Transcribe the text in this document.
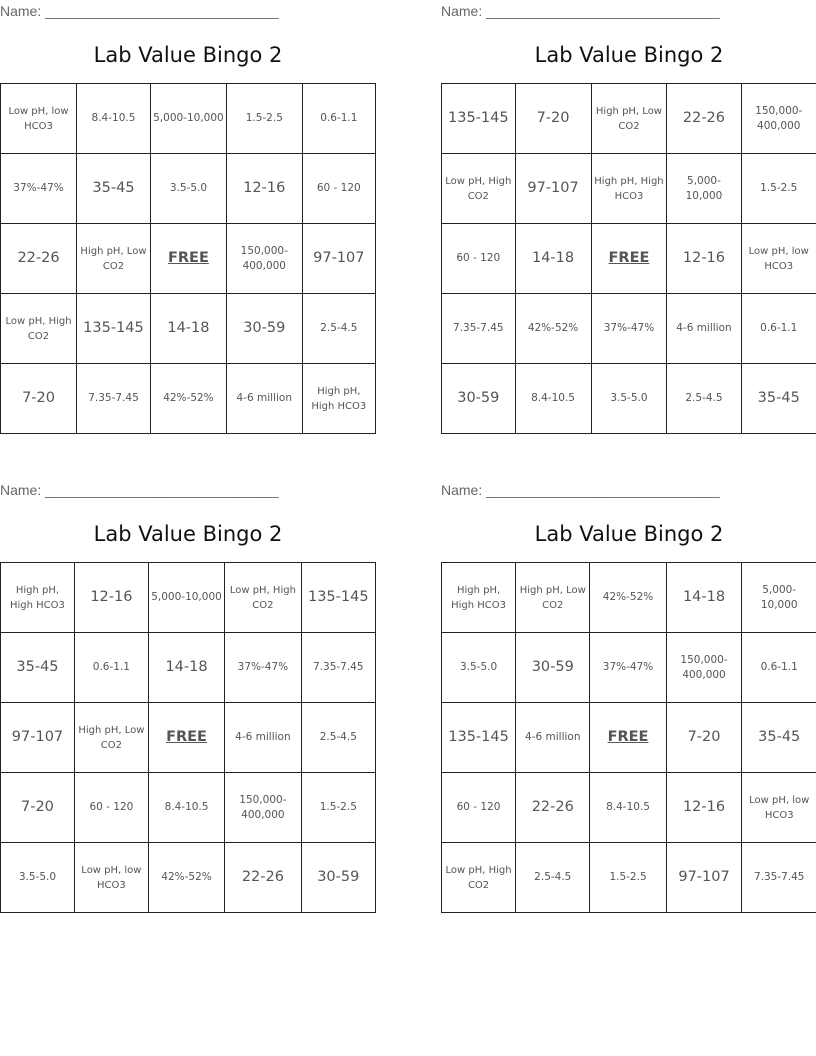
Name: ______________________________
Lab Value Bingo 2
Low pH, low HCO3	8.4-10.5	5,000-10,000	1.5-2.5	0.6-1.1
37%-47%	35-45	3.5-5.0	12-16	60 - 120
22-26	High pH, Low CO2	FREE	150,000-400,000	97-107
Low pH, High CO2	135-145	14-18	30-59	2.5-4.5
7-20	7.35-7.45	42%-52%	4-6 million	High pH, High HCO3
Name: ______________________________
Lab Value Bingo 2
135-145	7-20	High pH, Low CO2	22-26	150,000-400,000
Low pH, High CO2	97-107	High pH, High HCO3	5,000-10,000	1.5-2.5
60 - 120	14-18	FREE	12-16	Low pH, low HCO3
7.35-7.45	42%-52%	37%-47%	4-6 million	0.6-1.1
30-59	8.4-10.5	3.5-5.0	2.5-4.5	35-45
Name: ______________________________
Lab Value Bingo 2
High pH, High HCO3	12-16	5,000-10,000	Low pH, High CO2	135-145
35-45	0.6-1.1	14-18	37%-47%	7.35-7.45
97-107	High pH, Low CO2	FREE	4-6 million	2.5-4.5
7-20	60 - 120	8.4-10.5	150,000-400,000	1.5-2.5
3.5-5.0	Low pH, low HCO3	42%-52%	22-26	30-59
Name: ______________________________
Lab Value Bingo 2
High pH, High HCO3	High pH, Low CO2	42%-52%	14-18	5,000-10,000
3.5-5.0	30-59	37%-47%	150,000-400,000	0.6-1.1
135-145	4-6 million	FREE	7-20	35-45
60 - 120	22-26	8.4-10.5	12-16	Low pH, low HCO3
Low pH, High CO2	2.5-4.5	1.5-2.5	97-107	7.35-7.45
